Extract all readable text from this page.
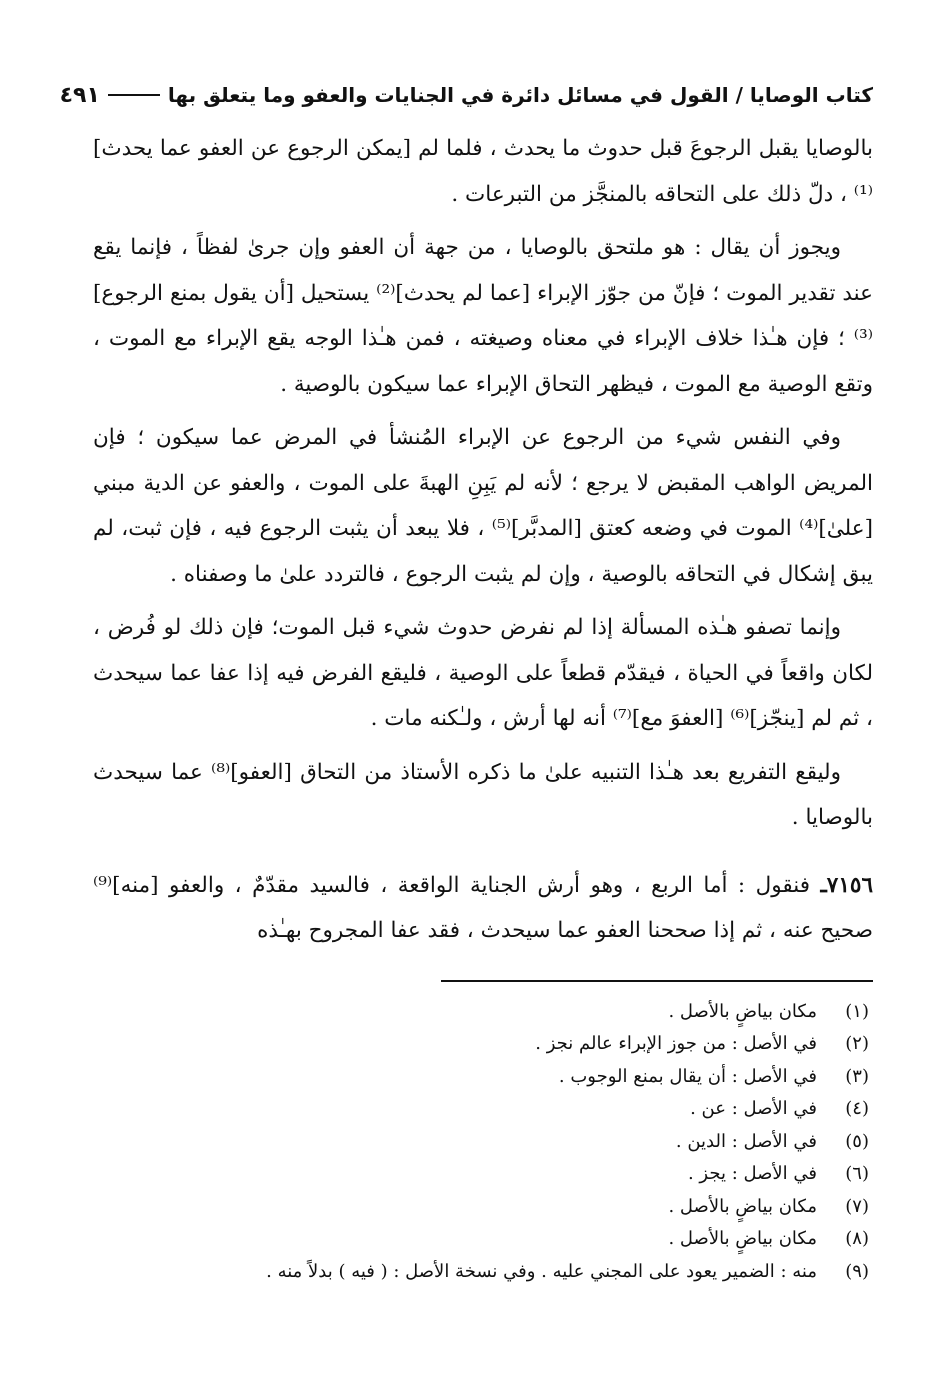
كتاب الوصايا / القول في مسائل دائرة في الجنايات والعفو وما يتعلق بها
٤٩١

بالوصايا يقبل الرجوعَ قبل حدوث ما يحدث ، فلما لم [يمكن الرجوع عن العفو عما يحدث]⁽¹⁾ ، دلّ ذلك على التحاقه بالمنجَّز من التبرعات .

ويجوز أن يقال : هو ملتحق بالوصايا ، من جهة أن العفو وإن جرىٰ لفظاً ، فإنما يقع عند تقدير الموت ؛ فإنّ من جوّز الإبراء [عما لم يحدث]⁽²⁾ يستحيل [أن يقول بمنع الرجوع]⁽³⁾ ؛ فإن هـٰذا خلاف الإبراء في معناه وصيغته ، فمن هـٰذا الوجه يقع الإبراء مع الموت ، وتقع الوصية مع الموت ، فيظهر التحاق الإبراء عما سيكون بالوصية .

وفي النفس شيء من الرجوع عن الإبراء المُنشأ في المرض عما سيكون ؛ فإن المريض الواهب المقبض لا يرجع ؛ لأنه لم يَبِنِ الهبةَ على الموت ، والعفو عن الدية مبني [علىٰ]⁽⁴⁾ الموت في وضعه كعتق [المدبَّر]⁽⁵⁾ ، فلا يبعد أن يثبت الرجوع فيه ، فإن ثبت، لم يبق إشكال في التحاقه بالوصية ، وإن لم يثبت الرجوع ، فالتردد علىٰ ما وصفناه .

وإنما تصفو هـٰذه المسألة إذا لم نفرض حدوث شيء قبل الموت؛ فإن ذلك لو فُرض ، لكان واقعاً في الحياة ، فيقدّم قطعاً على الوصية ، فليقع الفرض فيه إذا عفا عما سيحدث ، ثم لم [ينجّز]⁽⁶⁾ [العفوَ مع]⁽⁷⁾ أنه لها أرش ، ولـٰكنه مات .

وليقع التفريع بعد هـٰذا التنبيه علىٰ ما ذكره الأستاذ من التحاق [العفو]⁽⁸⁾ عما سيحدث بالوصايا .

٧١٥٦ـ فنقول : أما الربع ، وهو أرش الجناية الواقعة ، فالسيد مقدّمٌ ، والعفو [منه]⁽⁹⁾ صحيح عنه ، ثم إذا صححنا العفو عما سيحدث ، فقد عفا المجروح بهـٰذه

(١)
مكان بياضٍ بالأصل .
(٢)
في الأصل : من جوز الإبراء عالم نجز .
(٣)
في الأصل : أن يقال بمنع الوجوب .
(٤)
في الأصل : عن .
(٥)
في الأصل : الدين .
(٦)
في الأصل : يجز .
(٧)
مكان بياضٍ بالأصل .
(٨)
مكان بياضٍ بالأصل .
(٩)
منه : الضمير يعود على المجني عليه . وفي نسخة الأصل : ( فيه ) بدلاً منه .
